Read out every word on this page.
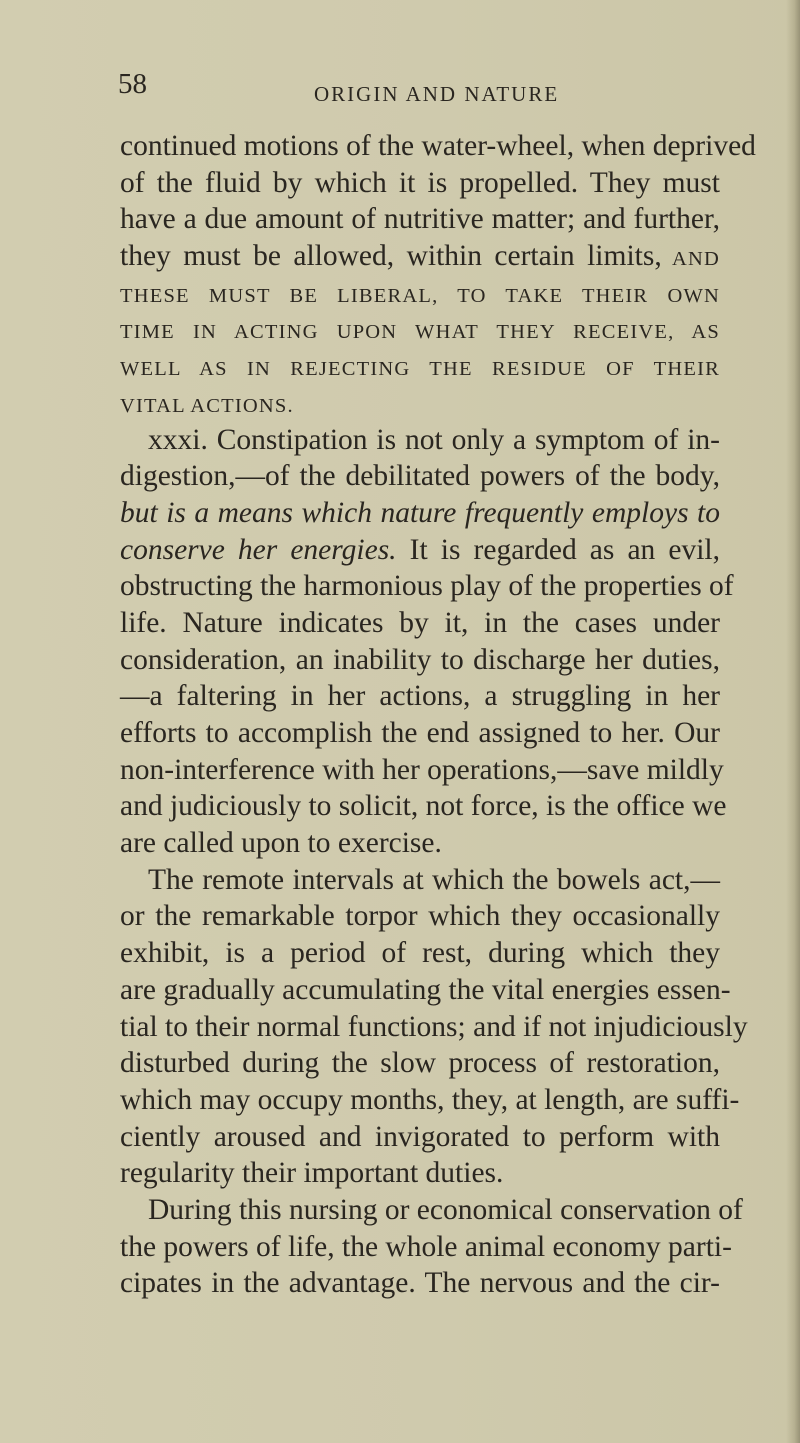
58	ORIGIN AND NATURE
continued motions of the water-wheel, when deprived
of the fluid by which it is propelled. They must
have a due amount of nutritive matter; and further,
they must be allowed, within certain limits, AND
THESE MUST BE LIBERAL, TO TAKE THEIR OWN
TIME IN ACTING UPON WHAT THEY RECEIVE, AS
WELL AS IN REJECTING THE RESIDUE OF THEIR
VITAL ACTIONS.
xxxi. Constipation is not only a symptom of in-
digestion,—of the debilitated powers of the body,
but is a means which nature frequently employs to
conserve her energies. It is regarded as an evil,
obstructing the harmonious play of the properties of
life. Nature indicates by it, in the cases under
consideration, an inability to discharge her duties,
—a faltering in her actions, a struggling in her
efforts to accomplish the end assigned to her. Our
non-interference with her operations,—save mildly
and judiciously to solicit, not force, is the office we
are called upon to exercise.
The remote intervals at which the bowels act,—
or the remarkable torpor which they occasionally
exhibit, is a period of rest, during which they
are gradually accumulating the vital energies essen-
tial to their normal functions; and if not injudiciously
disturbed during the slow process of restoration,
which may occupy months, they, at length, are suffi-
ciently aroused and invigorated to perform with
regularity their important duties.
During this nursing or economical conservation of
the powers of life, the whole animal economy parti-
cipates in the advantage. The nervous and the cir-
